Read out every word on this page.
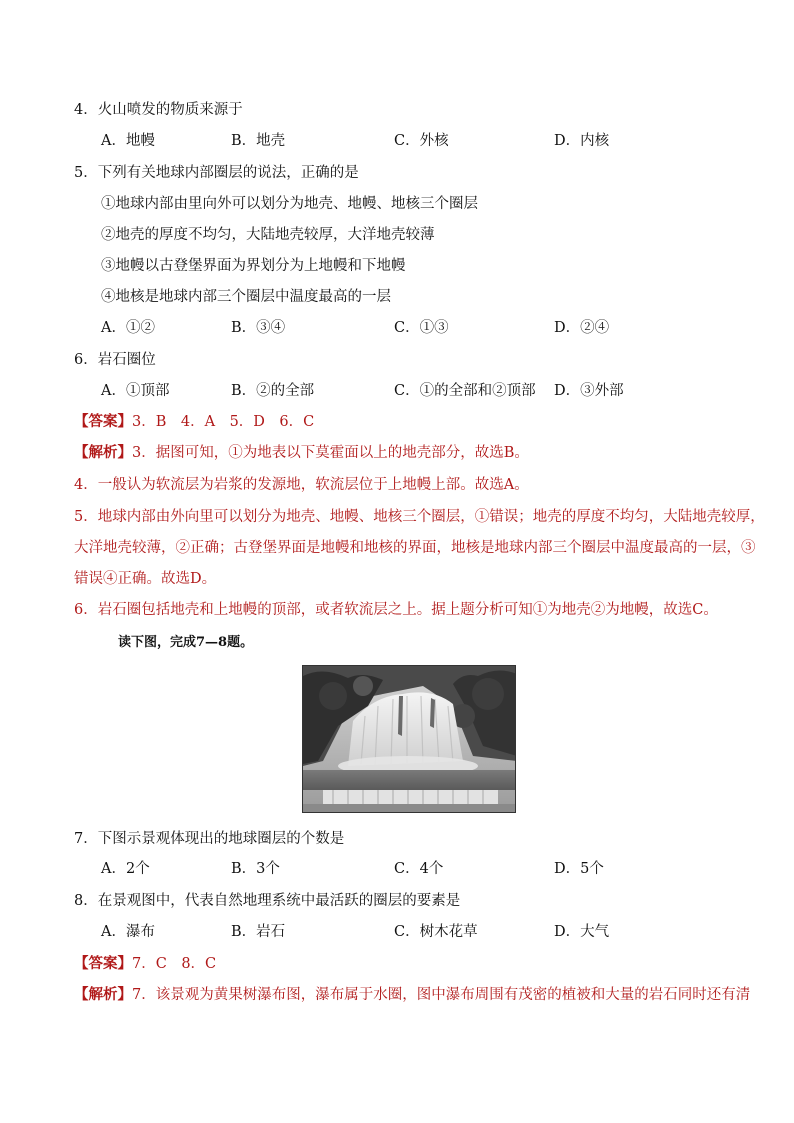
4．火山喷发的物质来源于
A．地幔	B．地壳	C．外核	D．内核
5．下列有关地球内部圈层的说法，正确的是
①地球内部由里向外可以划分为地壳、地幔、地核三个圈层
②地壳的厚度不均匀，大陆地壳较厚，大洋地壳较薄
③地幔以古登堡界面为界划分为上地幔和下地幔
④地核是地球内部三个圈层中温度最高的一层
A．①②	B．③④	C．①③	D．②④
6．岩石圈位
A．①顶部	B．②的全部	C．①的全部和②顶部 D．③外部
【答案】3．B　4．A　5．D　6．C
【解析】3．据图可知，①为地表以下莫霍面以上的地壳部分，故选B。
4．一般认为软流层为岩浆的发源地，软流层位于上地幔上部。故选A。
5．地球内部由外向里可以划分为地壳、地幔、地核三个圈层，①错误；地壳的厚度不均匀，大陆地壳较厚，
大洋地壳较薄，②正确；古登堡界面是地幔和地核的界面，地核是地球内部三个圈层中温度最高的一层，③
错误④正确。故选D。
6．岩石圈包括地壳和上地幔的顶部，或者软流层之上。据上题分析可知①为地壳②为地幔，故选C。
读下图，完成7—8题。
7．下图示景观体现出的地球圈层的个数是
A．2个	B．3个	C．4个	D．5个
8．在景观图中，代表自然地理系统中最活跃的圈层的要素是
A．瀑布	B．岩石	C．树木花草	D．大气
【答案】7．C　8．C
【解析】7．该景观为黄果树瀑布图，瀑布属于水圈，图中瀑布周围有茂密的植被和大量的岩石同时还有清
